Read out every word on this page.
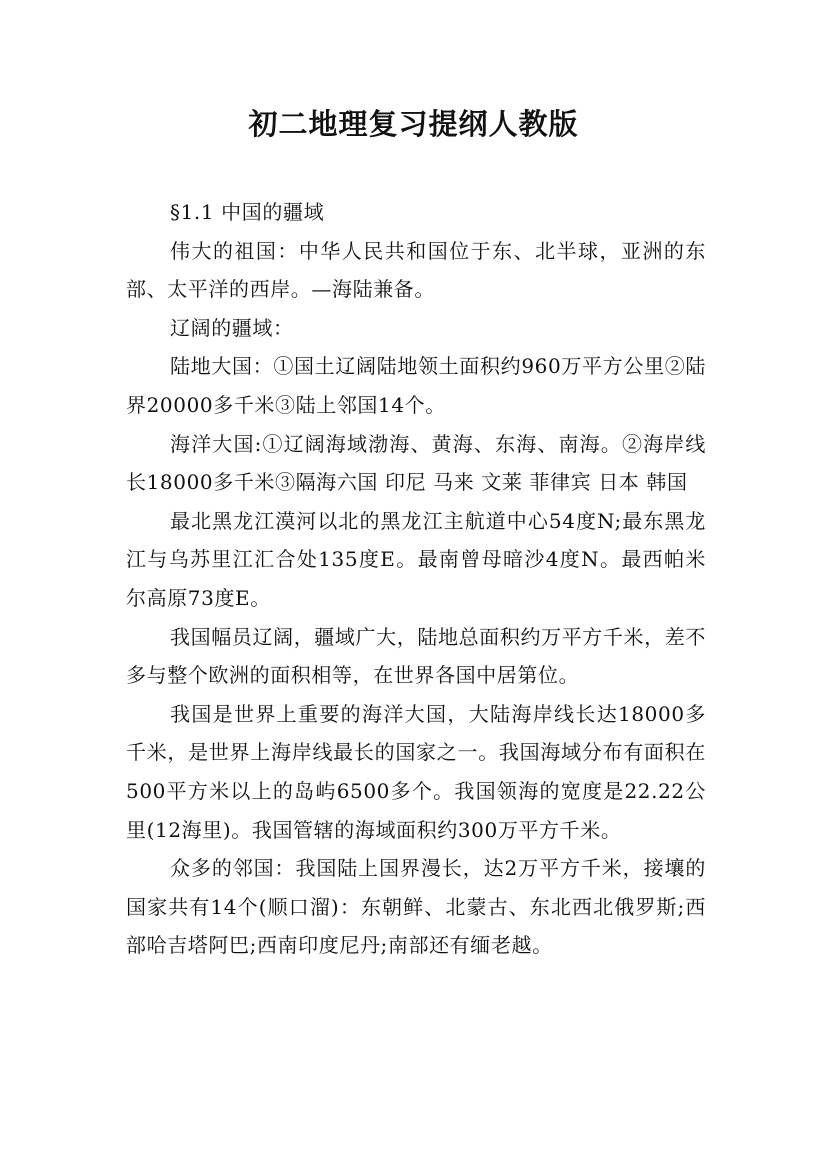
初二地理复习提纲人教版

§1.1 中国的疆域

伟大的祖国：中华人民共和国位于东、北半球，亚洲的东部、太平洋的西岸。—海陆兼备。

辽阔的疆域：

陆地大国：①国土辽阔陆地领土面积约960万平方公里②陆界20000多千米③陆上邻国14个。

海洋大国:①辽阔海域渤海、黄海、东海、南海。②海岸线长18000多千米③隔海六国 印尼 马来 文莱 菲律宾 日本 韩国

最北黑龙江漠河以北的黑龙江主航道中心54度N;最东黑龙江与乌苏里江汇合处135度E。最南曾母暗沙4度N。最西帕米尔高原73度E。

我国幅员辽阔，疆域广大，陆地总面积约万平方千米，差不多与整个欧洲的面积相等，在世界各国中居第位。

我国是世界上重要的海洋大国，大陆海岸线长达18000多千米，是世界上海岸线最长的国家之一。我国海域分布有面积在500平方米以上的岛屿6500多个。我国领海的宽度是22.22公里(12海里)。我国管辖的海域面积约300万平方千米。

众多的邻国：我国陆上国界漫长，达2万平方千米，接壤的国家共有14个(顺口溜)：东朝鲜、北蒙古、东北西北俄罗斯;西部哈吉塔阿巴;西南印度尼丹;南部还有缅老越。
